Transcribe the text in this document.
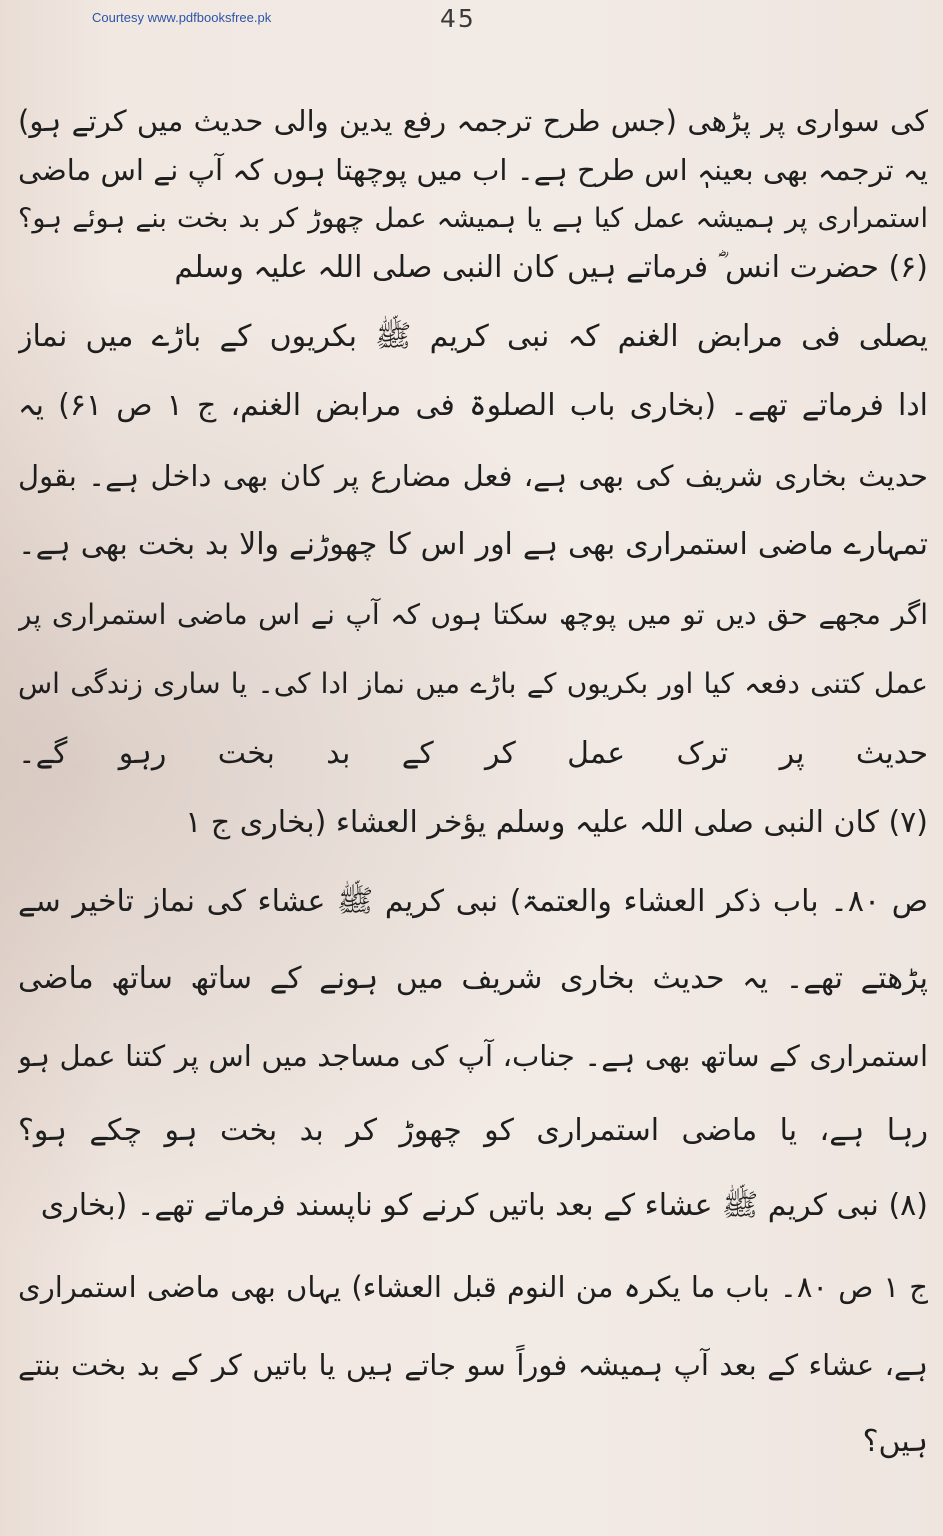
Courtesy www.pdfbooksfree.pk	45
کی سواری پر پڑھی (جس طرح ترجمہ رفع یدین والی حدیث میں کرتے ہو)
یہ ترجمہ بھی بعینہٖ اس طرح ہے۔ اب میں پوچھتا ہوں کہ آپ نے اس ماضی
استمراری پر ہمیشہ عمل کیا ہے یا ہمیشہ عمل چھوڑ کر بد بخت بنے ہوئے ہو؟
(۶) حضرت انس ؓ فرماتے ہیں کان النبی صلی اللہ علیہ وسلم
یصلی فی مرابض الغنم کہ نبی کریم ﷺ بکریوں کے باڑے میں نماز
ادا فرماتے تھے۔ (بخاری باب الصلوۃ فی مرابض الغنم، ج ۱ ص ۶۱) یہ
حدیث بخاری شریف کی بھی ہے، فعل مضارع پر کان بھی داخل ہے۔ بقول
تمہارے ماضی استمراری بھی ہے اور اس کا چھوڑنے والا بد بخت بھی ہے۔
اگر مجھے حق دیں تو میں پوچھ سکتا ہوں کہ آپ نے اس ماضی استمراری پر
عمل کتنی دفعہ کیا اور بکریوں کے باڑے میں نماز ادا کی۔ یا ساری زندگی اس
حدیث پر ترک عمل کر کے بد بخت رہو گے۔
(۷) کان النبی صلی اللہ علیہ وسلم یؤخر العشاء (بخاری ج ۱
ص ۸۰۔ باب ذکر العشاء والعتمۃ) نبی کریم ﷺ عشاء کی نماز تاخیر سے
پڑھتے تھے۔ یہ حدیث بخاری شریف میں ہونے کے ساتھ ساتھ ماضی
استمراری کے ساتھ بھی ہے۔ جناب، آپ کی مساجد میں اس پر کتنا عمل ہو
رہا ہے، یا ماضی استمراری کو چھوڑ کر بد بخت ہو چکے ہو؟
(۸) نبی کریم ﷺ عشاء کے بعد باتیں کرنے کو ناپسند فرماتے تھے۔ (بخاری
ج ۱ ص ۸۰۔ باب ما یکرہ من النوم قبل العشاء) یہاں بھی ماضی استمراری
ہے، عشاء کے بعد آپ ہمیشہ فوراً سو جاتے ہیں یا باتیں کر کے بد بخت بنتے
ہیں؟
